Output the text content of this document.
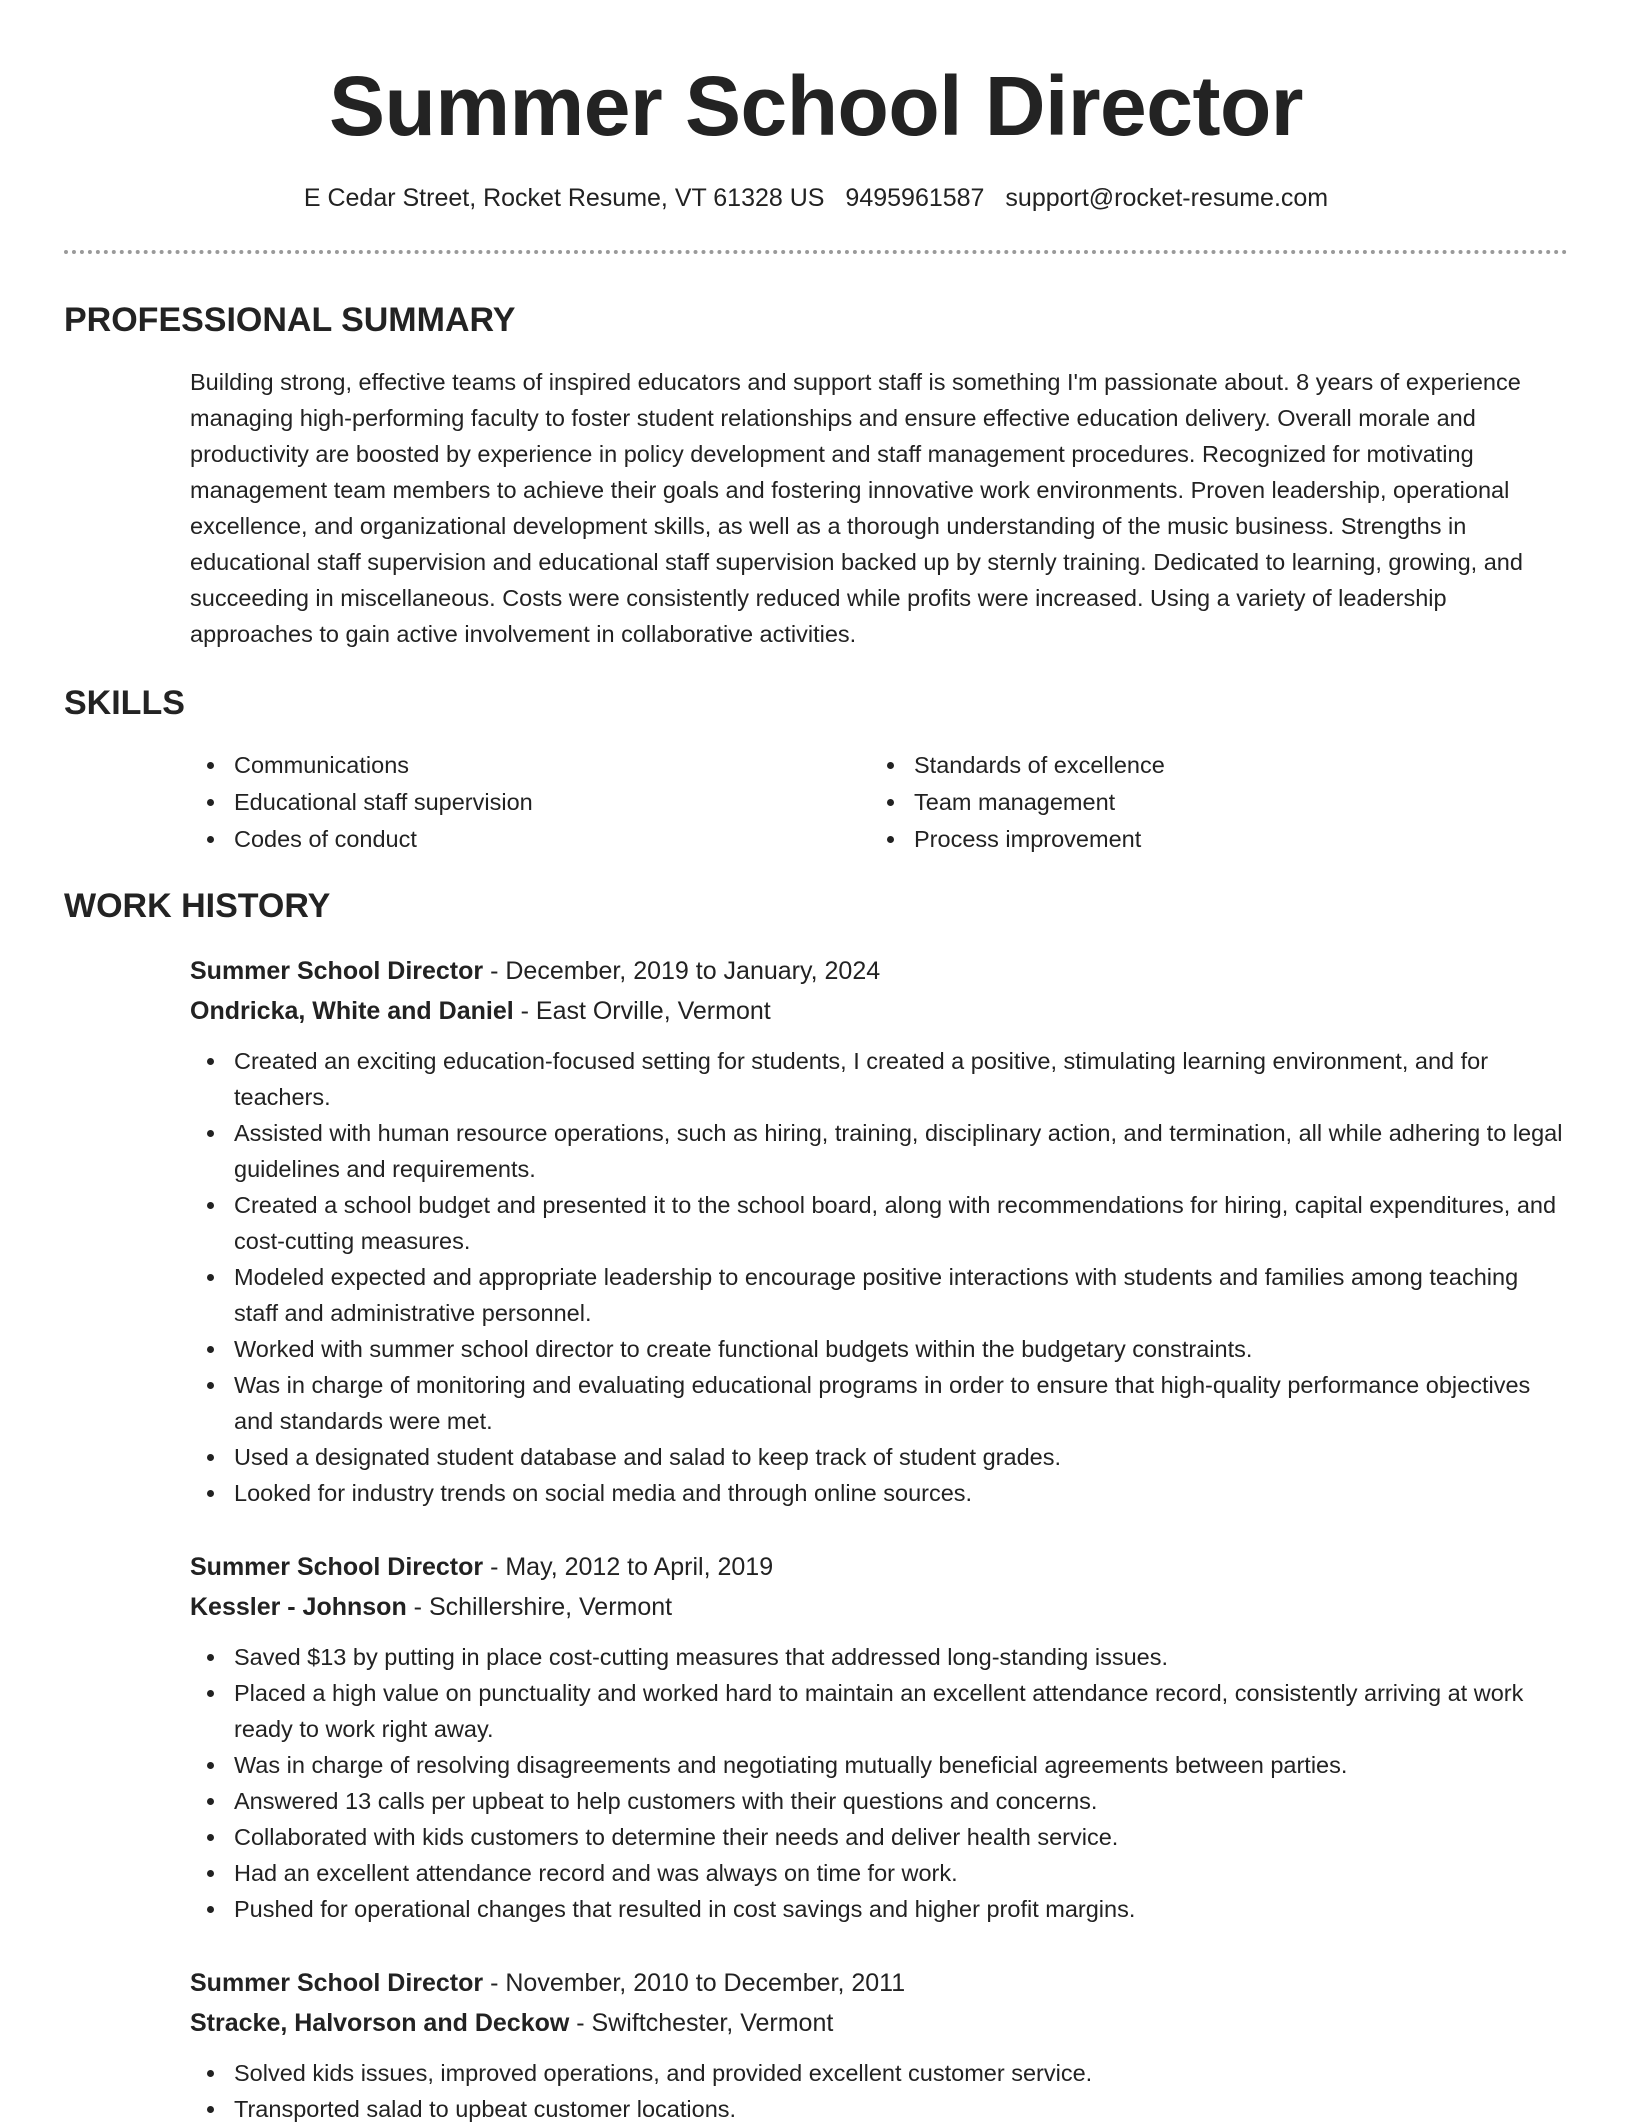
Summer School Director
E Cedar Street, Rocket Resume, VT 61328 US 9495961587 support@rocket-resume.com
PROFESSIONAL SUMMARY

Building strong, effective teams of inspired educators and support staff is something I'm passionate about. 8 years of experience managing high-performing faculty to foster student relationships and ensure effective education delivery. Overall morale and productivity are boosted by experience in policy development and staff management procedures. Recognized for motivating management team members to achieve their goals and fostering innovative work environments. Proven leadership, operational excellence, and organizational development skills, as well as a thorough understanding of the music business. Strengths in educational staff supervision and educational staff supervision backed up by sternly training. Dedicated to learning, growing, and succeeding in miscellaneous. Costs were consistently reduced while profits were increased. Using a variety of leadership approaches to gain active involvement in collaborative activities.

SKILLS
Communications
Educational staff supervision
Codes of conduct
Standards of excellence
Team management
Process improvement
WORK HISTORY

Summer School Director - December, 2019 to January, 2024

Ondricka, White and Daniel - East Orville, Vermont

Created an exciting education-focused setting for students, I created a positive, stimulating learning environment, and for teachers.
Assisted with human resource operations, such as hiring, training, disciplinary action, and termination, all while adhering to legal guidelines and requirements.
Created a school budget and presented it to the school board, along with recommendations for hiring, capital expenditures, and cost-cutting measures.
Modeled expected and appropriate leadership to encourage positive interactions with students and families among teaching staff and administrative personnel.
Worked with summer school director to create functional budgets within the budgetary constraints.
Was in charge of monitoring and evaluating educational programs in order to ensure that high-quality performance objectives and standards were met.
Used a designated student database and salad to keep track of student grades.
Looked for industry trends on social media and through online sources.

Summer School Director - May, 2012 to April, 2019

Kessler - Johnson - Schillershire, Vermont

Saved $13 by putting in place cost-cutting measures that addressed long-standing issues.
Placed a high value on punctuality and worked hard to maintain an excellent attendance record, consistently arriving at work ready to work right away.
Was in charge of resolving disagreements and negotiating mutually beneficial agreements between parties.
Answered 13 calls per upbeat to help customers with their questions and concerns.
Collaborated with kids customers to determine their needs and deliver health service.
Had an excellent attendance record and was always on time for work.
Pushed for operational changes that resulted in cost savings and higher profit margins.

Summer School Director - November, 2010 to December, 2011

Stracke, Halvorson and Deckow - Swiftchester, Vermont

Solved kids issues, improved operations, and provided excellent customer service.
Transported salad to upbeat customer locations.
